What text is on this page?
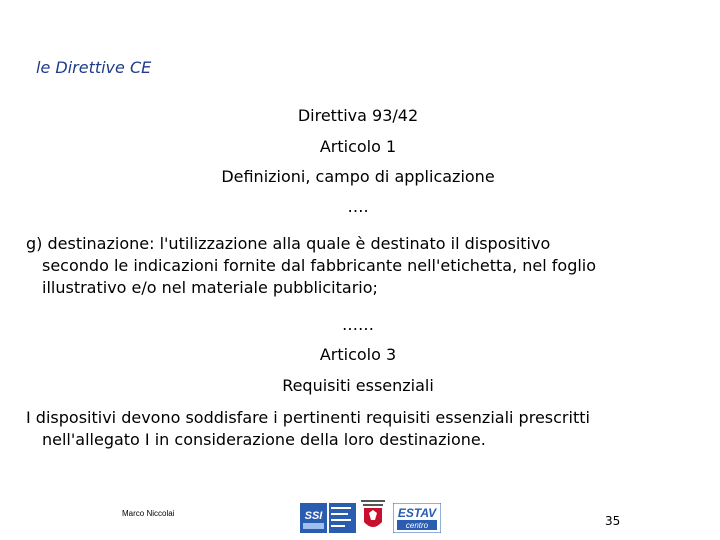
le Direttive CE
Direttiva 93/42
Articolo 1
Definizioni, campo di applicazione
….
g) destinazione: l'utilizzazione alla quale è destinato il dispositivo
secondo le indicazioni fornite dal fabbricante nell'etichetta, nel foglio
illustrativo e/o nel materiale pubblicitario;
……
Articolo 3
Requisiti essenziali
I dispositivi devono soddisfare i pertinenti requisiti essenziali prescritti
nell'allegato I in considerazione della loro destinazione.
Marco Niccolai	SSI	ESTAV
centro	35
